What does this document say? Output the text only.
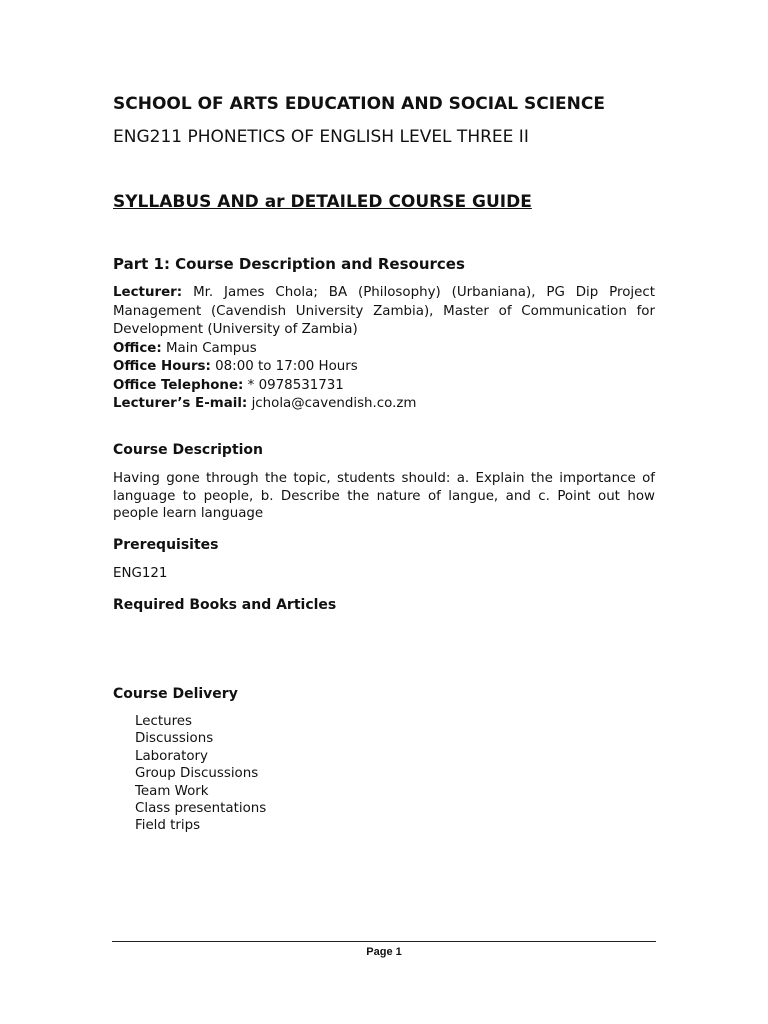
SCHOOL OF ARTS EDUCATION AND SOCIAL SCIENCE
ENG211 PHONETICS OF ENGLISH LEVEL THREE II
SYLLABUS AND ar DETAILED COURSE GUIDE
Part 1: Course Description and Resources

Lecturer: Mr. James Chola; BA (Philosophy) (Urbaniana), PG Dip Project Management (Cavendish University Zambia), Master of Communication for Development (University of Zambia)

Office: Main Campus

Office Hours: 08:00 to 17:00 Hours

Office Telephone: * 0978531731

Lecturer’s E-mail: jchola@cavendish.co.zm

Course Description

Having gone through the topic, students should: a. Explain the importance of language to people, b. Describe the nature of langue, and c. Point out how people learn language

Prerequisites
ENG121
Required Books and Articles
Course Delivery
Lectures
Discussions
Laboratory
Group Discussions
Team Work
Class presentations
Field trips
Page 1
